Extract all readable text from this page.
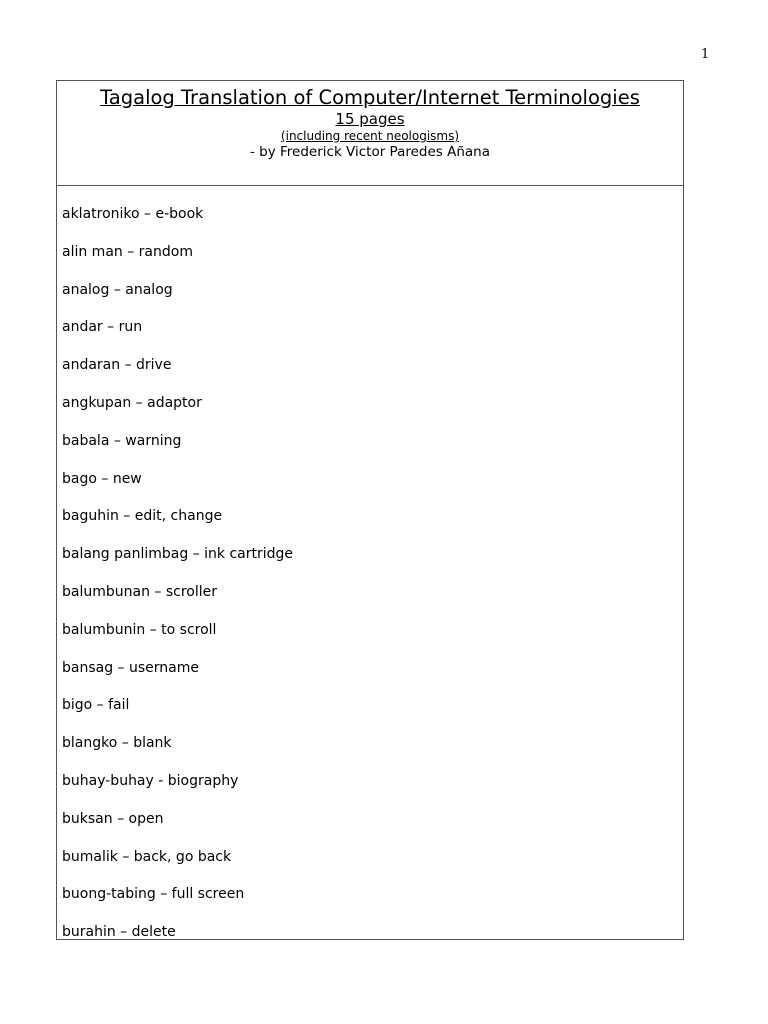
1
Tagalog Translation of Computer/Internet Terminologies
15 pages
(including recent neologisms)
- by Frederick Victor Paredes Añana
aklatroniko – e-book
alin man – random
analog – analog
andar – run
andaran – drive
angkupan – adaptor
babala – warning
bago – new
baguhin – edit, change
balang panlimbag – ink cartridge
balumbunan – scroller
balumbunin – to scroll
bansag – username
bigo – fail
blangko – blank
buhay-buhay - biography
buksan – open
bumalik – back, go back
buong-tabing – full screen
burahin – delete
